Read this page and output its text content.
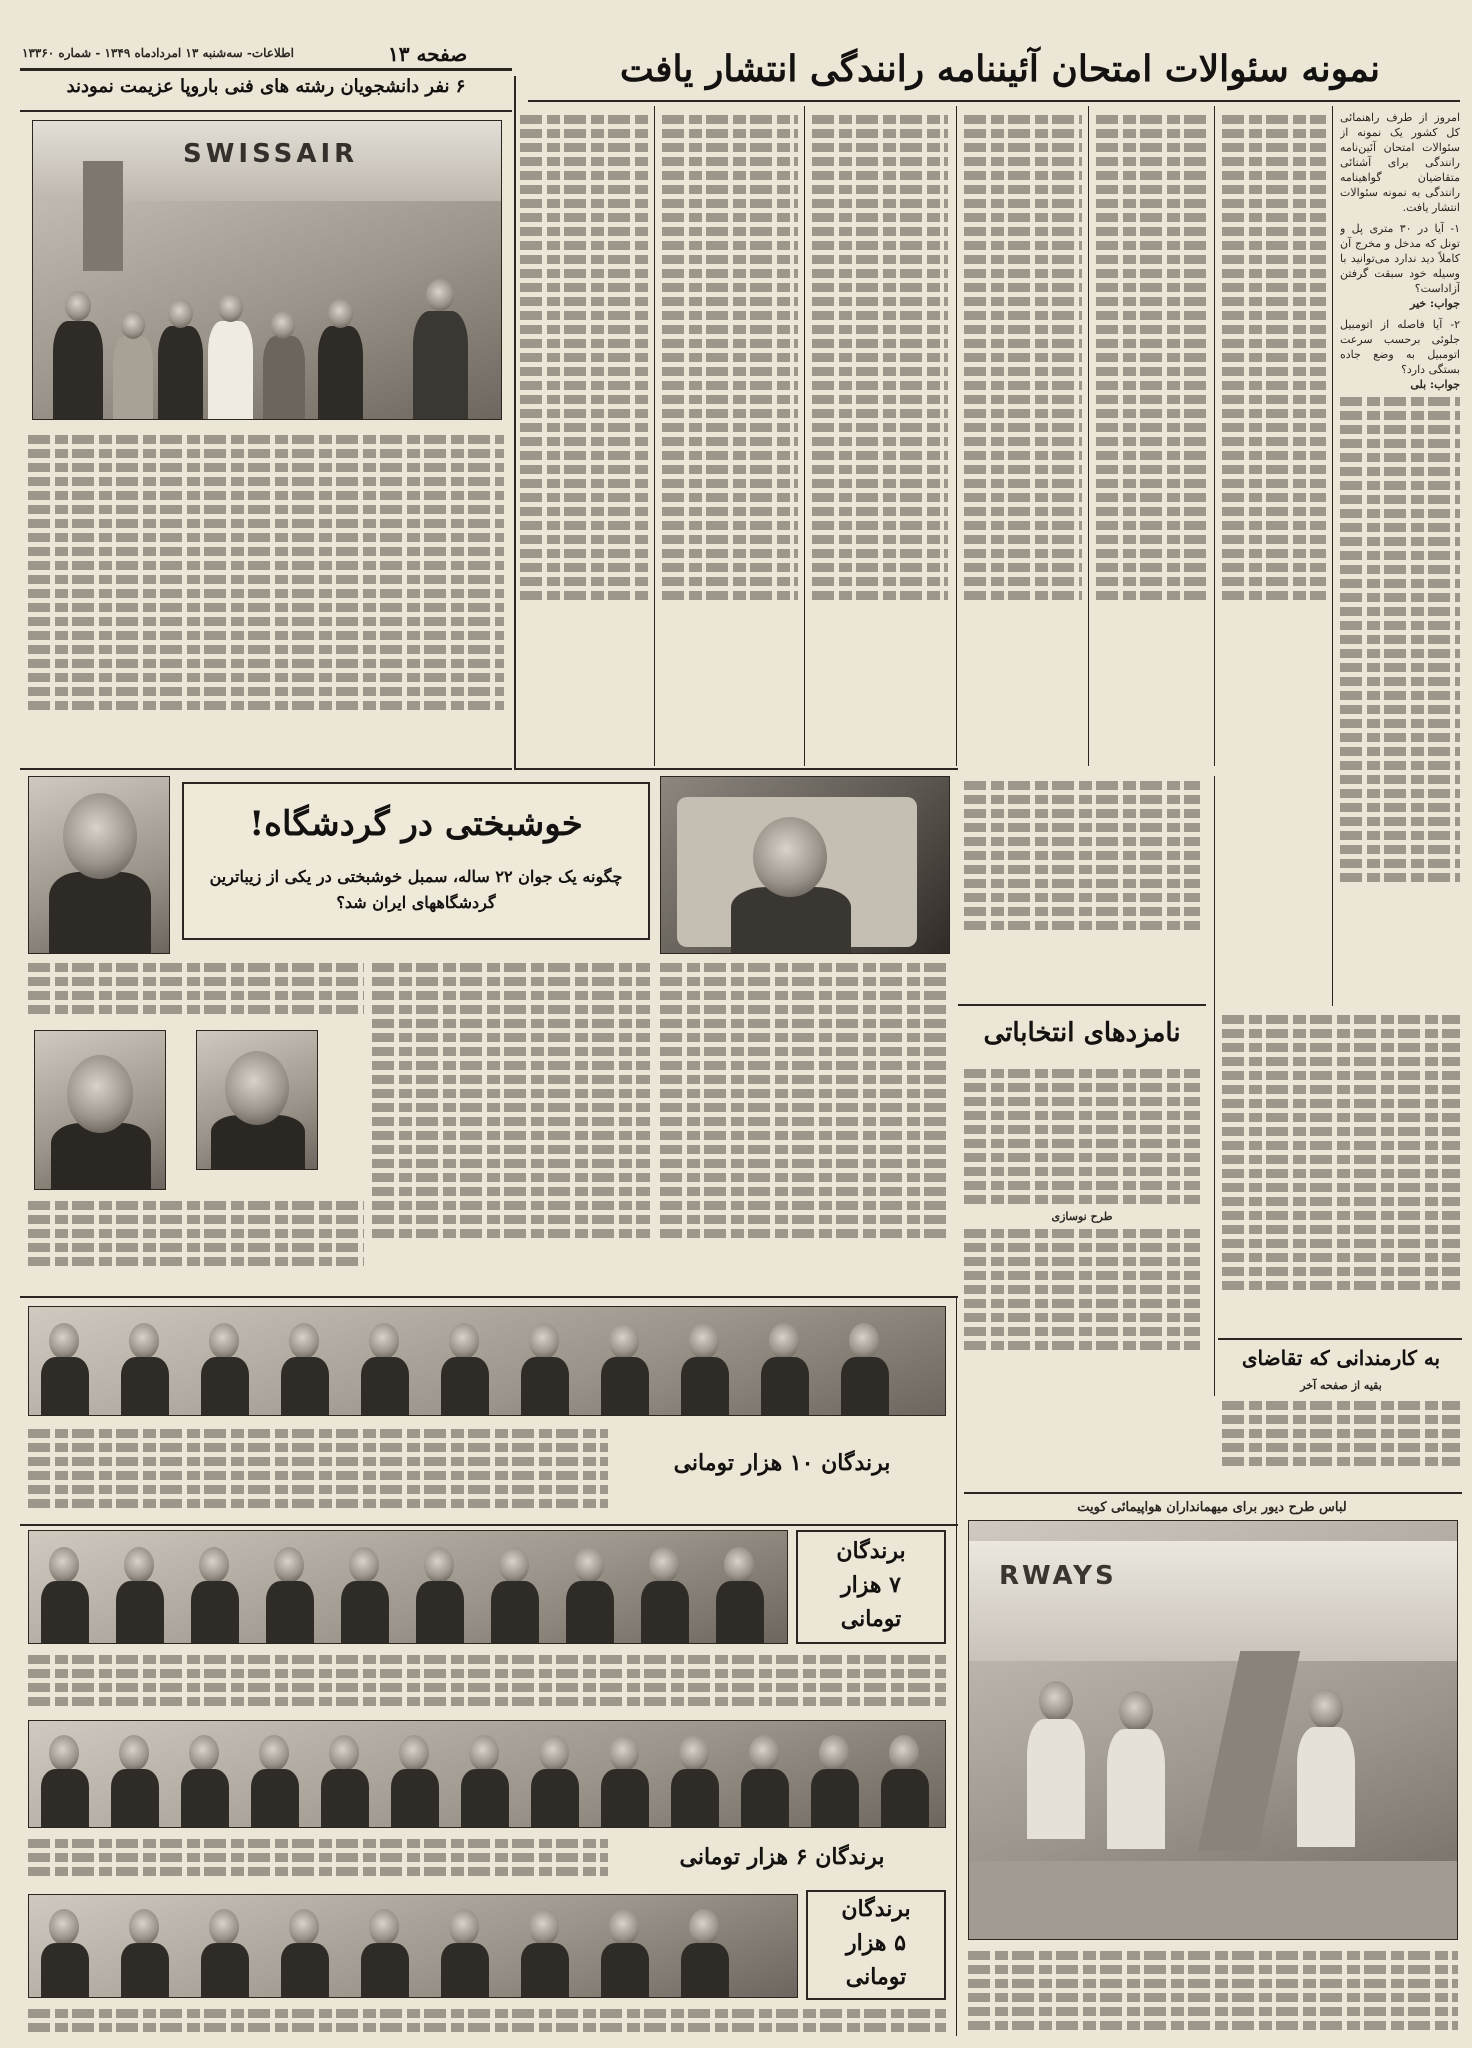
صفحه ۱۳
اطلاعات- سه‌شنبه ۱۳ امردادماه ۱۳۴۹ - شماره ۱۳۳۶۰	نمونه سئوالات امتحان آئیننامه رانندگی انتشار یافت
۶ نفر دانشجویان رشته های فنی باروپا عزیمت نمودند
SWISSAIR
امروز از طرف راهنمائی کل کشور یک نمونه از سئوالات امتحان آئین‌نامه رانندگی برای آشنائی متقاضیان گواهینامه رانندگی به نمونه سئوالات انتشار یافت.
۱- آیا در ۳۰ متری پل و تونل که مدخل و مخرج آن کاملاً دید ندارد می‌توانید با وسیله خود سبقت گرفتن آزاداست؟
جواب: خیر
۲- آیا فاصله از اتومبیل جلوئی برحسب سرعت اتومبیل به وضع جاده بستگی دارد؟
جواب: بلی
خوشبختی در گردشگاه!
چگونه یک جوان ۲۲ ساله، سمبل خوشبختی در یکی از زیباترین گردشگاههای ایران شد؟
نامزدهای انتخاباتی
طرح نوسازی
به کارمندانی که تقاضای
بقیه از صفحه آخر
برندگان ۱۰ هزار تومانی
برندگان
۷ هزار
تومانی
برندگان ۶ هزار تومانی
برندگان
۵ هزار
تومانی
لباس طرح دیور برای میهمانداران هواپیمائی کویت
RWAYS
